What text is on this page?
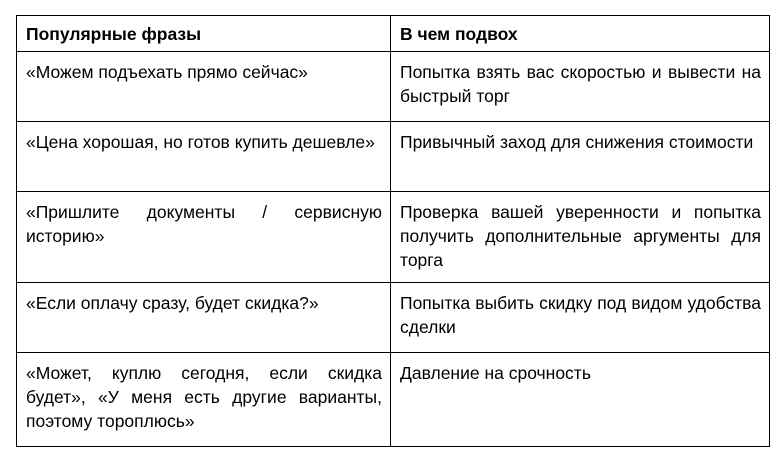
Популярные фразы	В чем подвох
«Можем подъехать прямо сейчас»	Попытка взять вас скоростью и вывести на быстрый торг
«Цена хорошая, но готов купить дешевле»	Привычный заход для снижения стоимости
«Пришлите документы / сервисную историю»	Проверка вашей уверенности и попытка получить дополнительные аргументы для торга
«Если оплачу сразу, будет скидка?»	Попытка выбить скидку под видом удобства сделки
«Может, куплю сегодня, если скидка будет», «У меня есть другие варианты, поэтому тороплюсь»	Давление на срочность
